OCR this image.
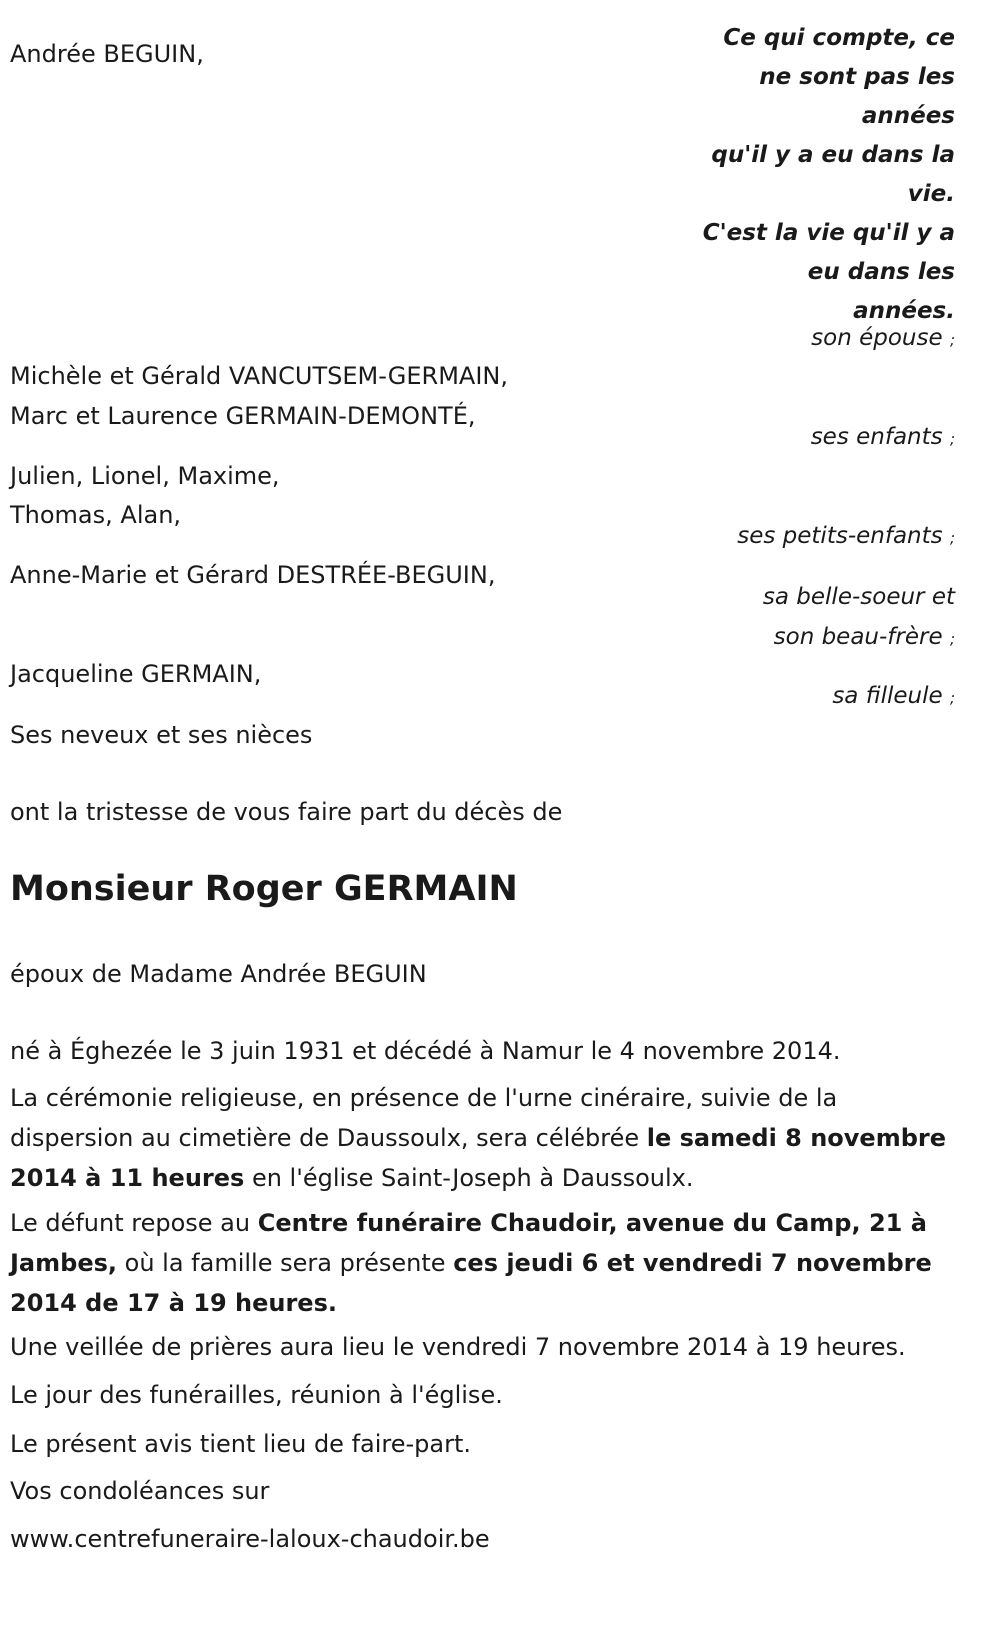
Ce qui compte, ce
ne sont pas les
années
qu'il y a eu dans la
vie.
C'est la vie qu'il y a
eu dans les
années.
Andrée BEGUIN,
Michèle et Gérald VANCUTSEM-GERMAIN,
Marc et Laurence GERMAIN-DEMONTÉ,
Julien, Lionel, Maxime,
Thomas, Alan,
Anne-Marie et Gérard DESTRÉE-BEGUIN,
Jacqueline GERMAIN,
Ses neveux et ses nièces
son épouse ;
ses enfants ;
ses petits-enfants ;
sa belle-soeur et
son beau-frère ;
sa filleule ;
ont la tristesse de vous faire part du décès de
Monsieur Roger GERMAIN
époux de Madame Andrée BEGUIN
né à Éghezée le 3 juin 1931 et décédé à Namur le 4 novembre 2014.
La cérémonie religieuse, en présence de l'urne cinéraire, suivie de la dispersion au cimetière de Daussoulx, sera célébrée le samedi 8 novembre 2014 à 11 heures en l'église Saint-Joseph à Daussoulx.
Le défunt repose au Centre funéraire Chaudoir, avenue du Camp, 21 à Jambes, où la famille sera présente ces jeudi 6 et vendredi 7 novembre 2014 de 17 à 19 heures.
Une veillée de prières aura lieu le vendredi 7 novembre 2014 à 19 heures.
Le jour des funérailles, réunion à l'église.
Le présent avis tient lieu de faire-part.
Vos condoléances sur
www.centrefuneraire-laloux-chaudoir.be
